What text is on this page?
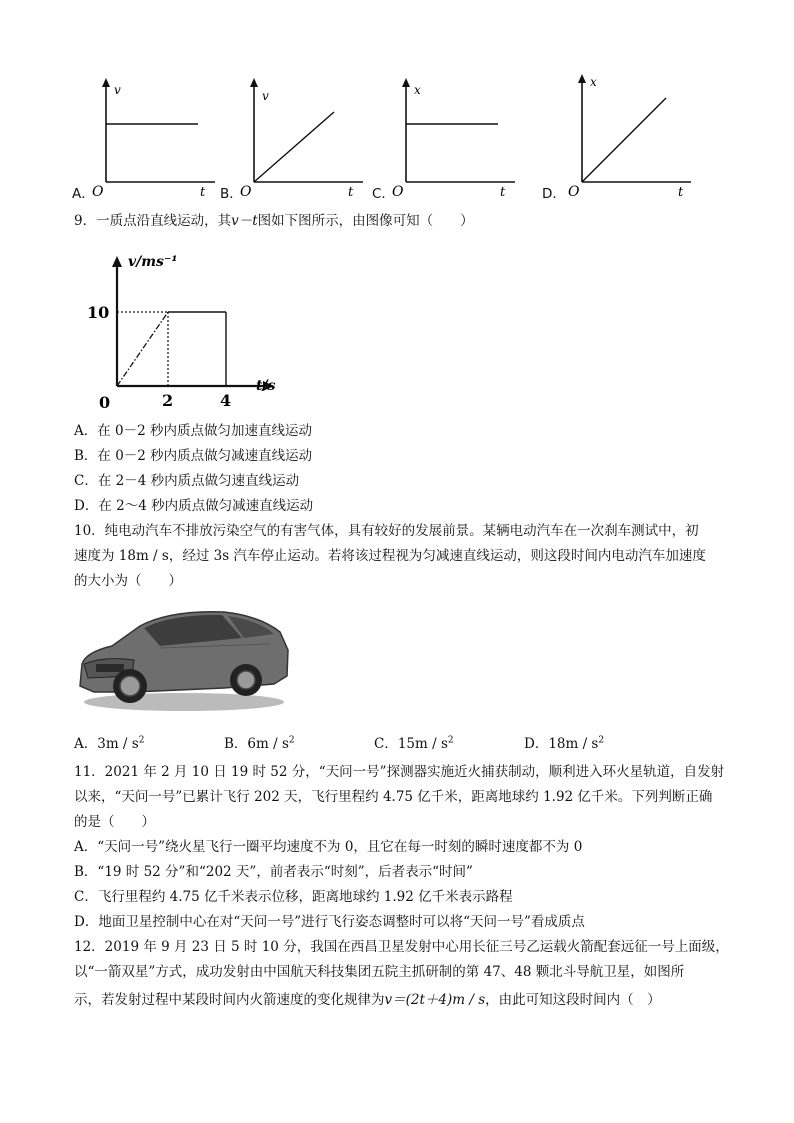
A．
v
O	t B．
v
O	t C．
x
O	t	D．
x
O	t
9．一质点沿直线运动，其v－t图如下图所示，由图像可知（　　）
v/ms⁻¹
t/s
10
0	2	4
A．在 0－2 秒内质点做匀加速直线运动
B．在 0－2 秒内质点做匀减速直线运动
C．在 2－4 秒内质点做匀速直线运动
D．在 2～4 秒内质点做匀减速直线运动
10．纯电动汽车不排放污染空气的有害气体，具有较好的发展前景。某辆电动汽车在一次刹车测试中，初
速度为 18m / s，经过 3s 汽车停止运动。若将该过程视为匀减速直线运动，则这段时间内电动汽车加速度
的大小为（　　）
A．$3m / s^2$	B．$6m / s^2$	C．$15m / s^2$	D．$18m / s^2$
11．2021 年 2 月 10 日 19 时 52 分，“天问一号”探测器实施近火捕获制动，顺利进入环火星轨道，自发射
以来，“天问一号”已累计飞行 202 天，飞行里程约 4.75 亿千米，距离地球约 1.92 亿千米。下列判断正确
的是（　　）
A．“天问一号”绕火星飞行一圈平均速度不为 0，且它在每一时刻的瞬时速度都不为 0
B．“19 时 52 分”和“202 天”，前者表示“时刻”，后者表示“时间”
C．飞行里程约 4.75 亿千米表示位移，距离地球约 1.92 亿千米表示路程
D．地面卫星控制中心在对“天问一号”进行飞行姿态调整时可以将“天问一号”看成质点
12．2019 年 9 月 23 日 5 时 10 分，我国在西昌卫星发射中心用长征三号乙运载火箭配套远征一号上面级，
以“一箭双星”方式，成功发射由中国航天科技集团五院主抓研制的第 47、48 颗北斗导航卫星，如图所
示，若发射过程中某段时间内火箭速度的变化规律为v＝(2t＋4)m / s，由此可知这段时间内（　）
